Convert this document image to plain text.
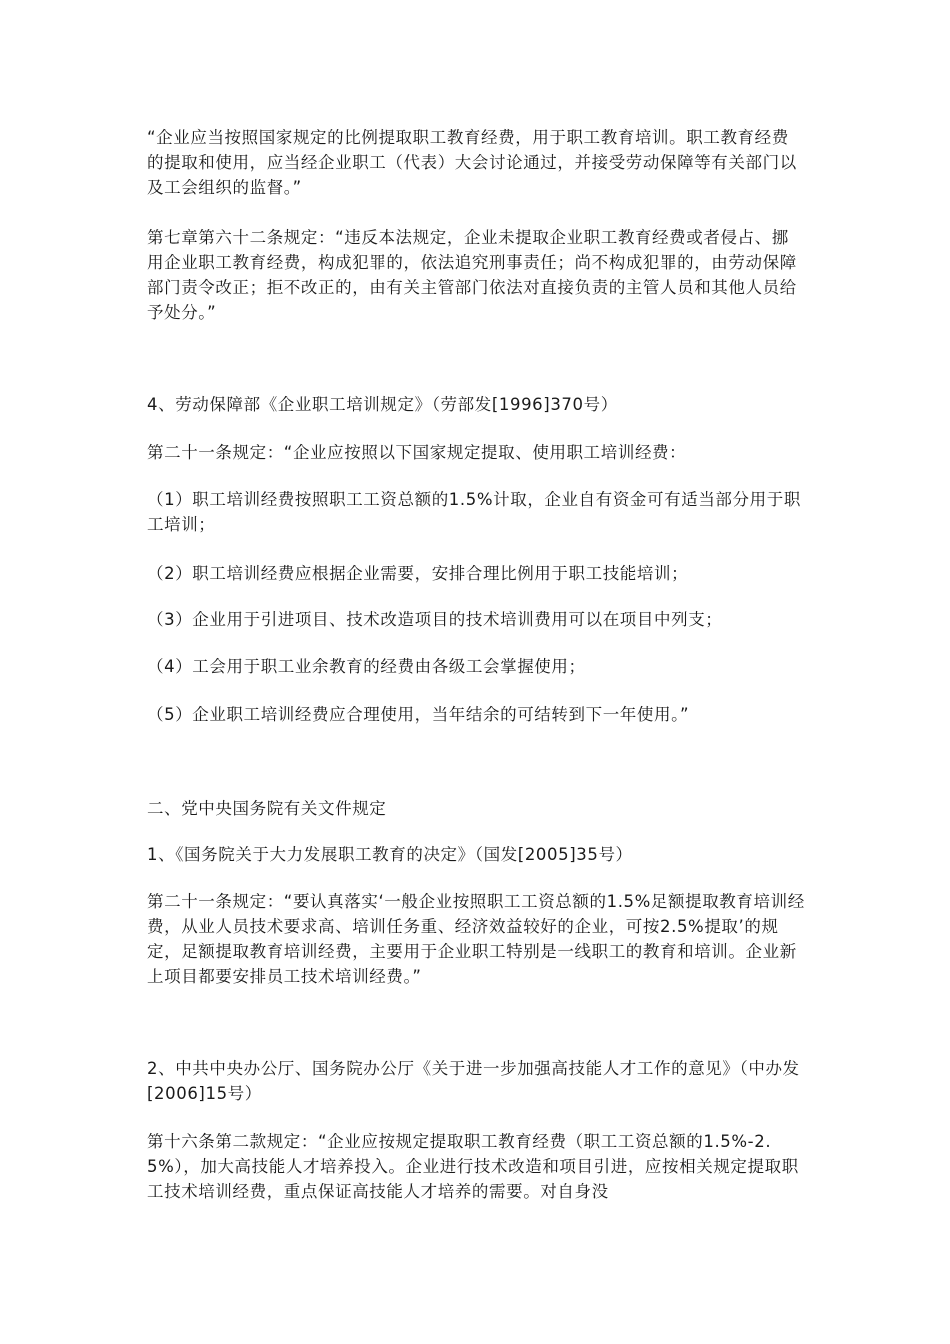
“企业应当按照国家规定的比例提取职工教育经费，用于职工教育培训。职工教育经费的提取和使用，应当经企业职工（代表）大会讨论通过，并接受劳动保障等有关部门以及工会组织的监督。”

第七章第六十二条规定：“违反本法规定，企业未提取企业职工教育经费或者侵占、挪用企业职工教育经费，构成犯罪的，依法追究刑事责任；尚不构成犯罪的，由劳动保障部门责令改正；拒不改正的，由有关主管部门依法对直接负责的主管人员和其他人员给予处分。”

4、劳动保障部《企业职工培训规定》（劳部发[1996]370号）

第二十一条规定：“企业应按照以下国家规定提取、使用职工培训经费：

（1）职工培训经费按照职工工资总额的1.5%计取，企业自有资金可有适当部分用于职工培训；

（2）职工培训经费应根据企业需要，安排合理比例用于职工技能培训；

（3）企业用于引进项目、技术改造项目的技术培训费用可以在项目中列支；

（4）工会用于职工业余教育的经费由各级工会掌握使用；

（5）企业职工培训经费应合理使用，当年结余的可结转到下一年使用。”

二、党中央国务院有关文件规定

1、《国务院关于大力发展职工教育的决定》（国发[2005]35号）

第二十一条规定：“要认真落实‘一般企业按照职工工资总额的1.5%足额提取教育培训经费，从业人员技术要求高、培训任务重、经济效益较好的企业，可按2.5%提取’的规定，足额提取教育培训经费，主要用于企业职工特别是一线职工的教育和培训。企业新上项目都要安排员工技术培训经费。”

2、中共中央办公厅、国务院办公厅《关于进一步加强高技能人才工作的意见》（中办发[2006]15号）

第十六条第二款规定：“企业应按规定提取职工教育经费（职工工资总额的1.5%-2.5%），加大高技能人才培养投入。企业进行技术改造和项目引进，应按相关规定提取职工技术培训经费，重点保证高技能人才培养的需要。对自身没
